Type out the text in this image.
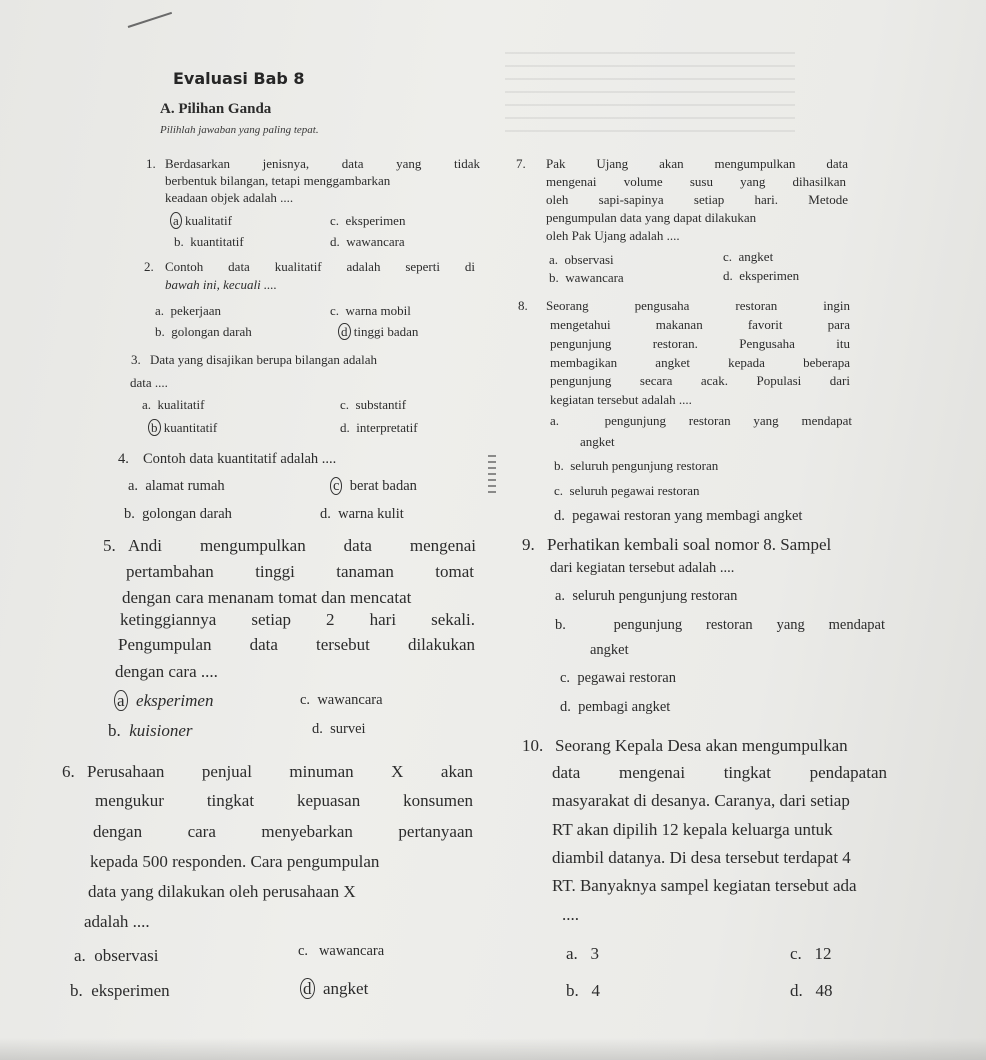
Evaluasi Bab 8
A. Pilihan Ganda
Pilihlah jawaban yang paling tepat.
1. Berdasarkan jenisnya, data yang tidak
berbentuk bilangan, tetapi menggambarkan
keadaan objek adalah ....
a kualitatif	c.  eksperimen
b.  kuantitatif	d.  wawancara
2. Contoh data kualitatif adalah seperti di
bawah ini, kecuali ....
a.  pekerjaan	c.  warna mobil
b.  golongan darah	d tinggi badan
3. Data yang disajikan berupa bilangan adalah
data ....
a.  kualitatif	c.  substantif
b kuantitatif	d.  interpretatif
4. Contoh data kuantitatif adalah ....
a.  alamat rumah	c berat badan
b.  golongan darah	d.  warna kulit
5. Andi mengumpulkan data mengenai
pertambahan tinggi tanaman tomat
dengan cara menanam tomat dan mencatat
ketinggiannya setiap 2 hari sekali.
Pengumpulan data tersebut dilakukan
dengan cara ....
a eksperimen	c.  wawancara
b.  kuisioner	d.  survei
6. Perusahaan penjual minuman X akan
mengukur tingkat kepuasan konsumen
dengan cara menyebarkan pertanyaan
kepada 500 responden. Cara pengumpulan
data yang dilakukan oleh perusahaan X
adalah ....
a.  observasi	c.   wawancara
b.  eksperimen	d angket
7. Pak Ujang akan mengumpulkan data
mengenai volume susu yang dihasilkan
oleh sapi-sapinya setiap hari. Metode
pengumpulan data yang dapat dilakukan
oleh Pak Ujang adalah ....
a.  observasi	c.  angket
b.  wawancara	d.  eksperimen
8. Seorang pengusaha restoran ingin
mengetahui makanan favorit para
pengunjung restoran. Pengusaha itu
membagikan angket kepada beberapa
pengunjung secara acak. Populasi dari
kegiatan tersebut adalah ....
a.  pengunjung restoran yang mendapat
angket
b.  seluruh pengunjung restoran
c.  seluruh pegawai restoran
d.  pegawai restoran yang membagi angket
9. Perhatikan kembali soal nomor 8. Sampel
dari kegiatan tersebut adalah ....
a.  seluruh pengunjung restoran
b.  pengunjung restoran yang mendapat
angket
c.  pegawai restoran
d.  pembagi angket
10. Seorang Kepala Desa akan mengumpulkan
data mengenai tingkat pendapatan
masyarakat di desanya. Caranya, dari setiap
RT akan dipilih 12 kepala keluarga untuk
diambil datanya. Di desa tersebut terdapat 4
RT. Banyaknya sampel kegiatan tersebut ada
....
a.   3	c.   12
b.   4	d.   48
